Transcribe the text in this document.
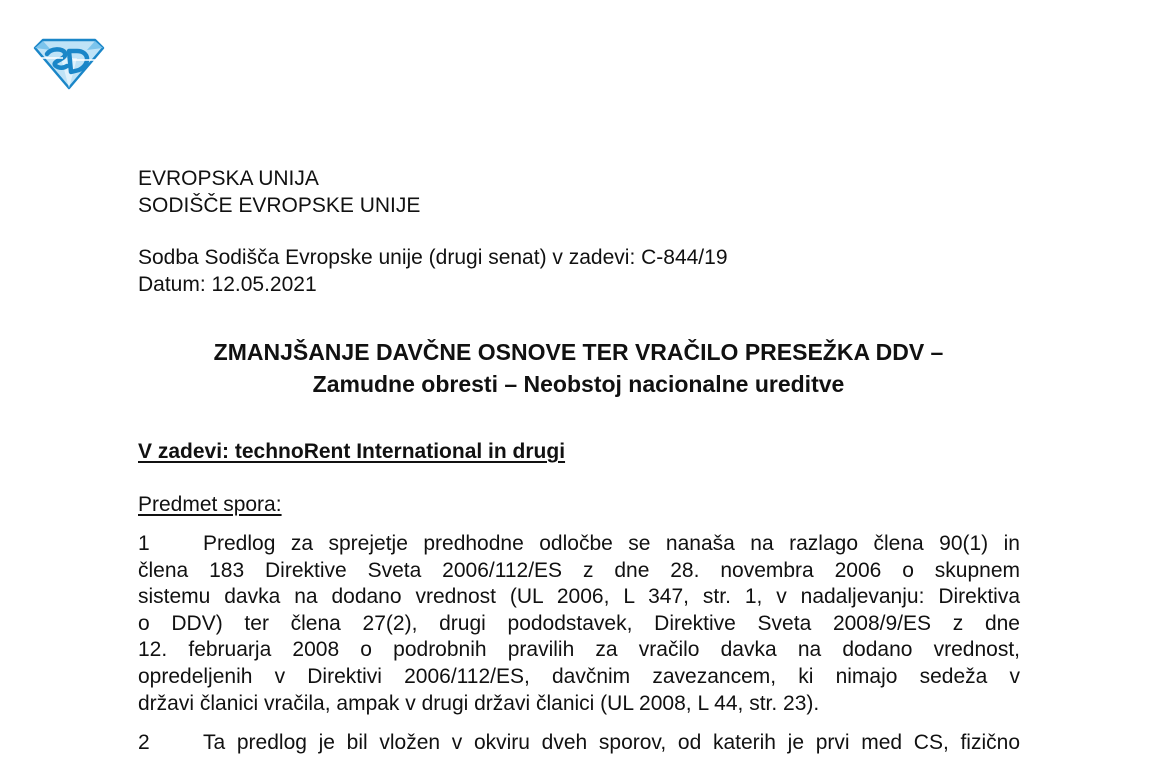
EVROPSKA UNIJA
SODIŠČE EVROPSKE UNIJE
Sodba Sodišča Evropske unije (drugi senat) v zadevi: C-844/19
Datum: 12.05.2021
ZMANJŠANJE DAVČNE OSNOVE TER VRAČILO PRESEŽKA DDV –
Zamudne obresti – Neobstoj nacionalne ureditve
V zadevi: technoRent International in drugi
Predmet spora:
1	Predlog za sprejetje predhodne odločbe se nanaša na razlago člena 90(1) in
člena 183 Direktive Sveta 2006/112/ES z dne 28. novembra 2006 o skupnem
sistemu davka na dodano vrednost (UL 2006, L 347, str. 1, v nadaljevanju: Direktiva
o DDV) ter člena 27(2), drugi pododstavek, Direktive Sveta 2008/9/ES z dne
12. februarja 2008 o podrobnih pravilih za vračilo davka na dodano vrednost,
opredeljenih v Direktivi 2006/112/ES, davčnim zavezancem, ki nimajo sedeža v
državi članici vračila, ampak v drugi državi članici (UL 2008, L 44, str. 23).
2	Ta predlog je bil vložen v okviru dveh sporov, od katerih je prvi med CS, fizično
